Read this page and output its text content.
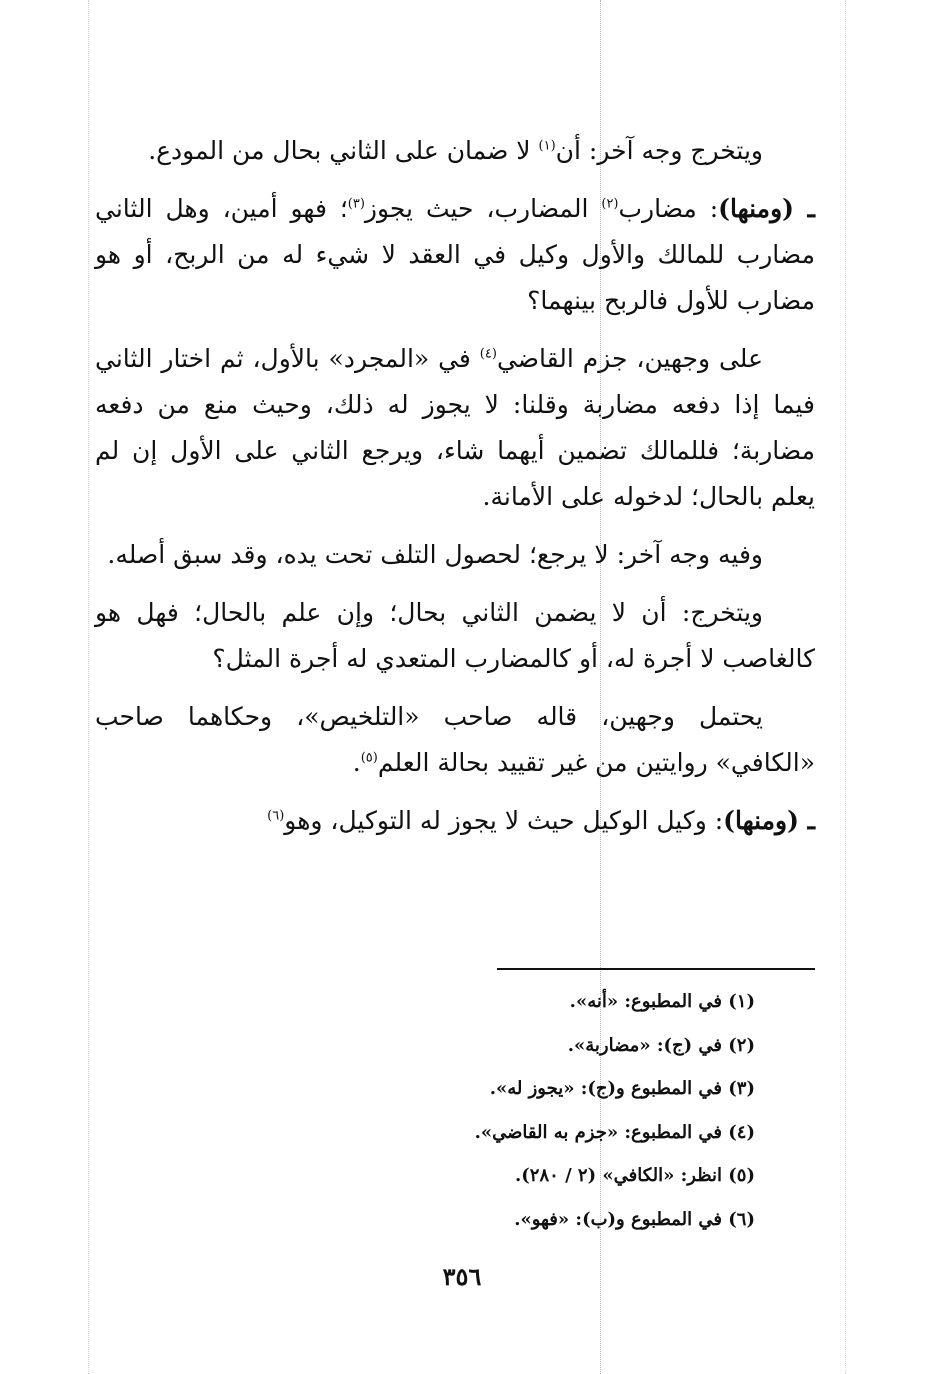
ويتخرج وجه آخر: أن$^{(١)}$ لا ضمان على الثاني بحال من المودع.

ـ (ومنها): مضارب$^{(٢)}$ المضارب، حيث يجوز$^{(٣)}$؛ فهو أمين، وهل الثاني مضارب للمالك والأول وكيل في العقد لا شيء له من الربح، أو هو مضارب للأول فالربح بينهما؟

على وجهين، جزم القاضي$^{(٤)}$ في «المجرد» بالأول، ثم اختار الثاني فيما إذا دفعه مضاربة وقلنا: لا يجوز له ذلك، وحيث منع من دفعه مضاربة؛ فللمالك تضمين أيهما شاء، ويرجع الثاني على الأول إن لم يعلم بالحال؛ لدخوله على الأمانة.

وفيه وجه آخر: لا يرجع؛ لحصول التلف تحت يده، وقد سبق أصله.

ويتخرج: أن لا يضمن الثاني بحال؛ وإن علم بالحال؛ فهل هو كالغاصب لا أجرة له، أو كالمضارب المتعدي له أجرة المثل؟

يحتمل وجهين، قاله صاحب «التلخيص»، وحكاهما صاحب «الكافي» روايتين من غير تقييد بحالة العلم$^{(٥)}$.

ـ (ومنها): وكيل الوكيل حيث لا يجوز له التوكيل، وهو$^{(٦)}$

(١) في المطبوع: «أنه».
(٢) في (ج): «مضاربة».
(٣) في المطبوع و(ج): «يجوز له».
(٤) في المطبوع: «جزم به القاضي».
(٥) انظر: «الكافي» (٢ / ٢٨٠).
(٦) في المطبوع و(ب): «فهو».
٣٥٦
